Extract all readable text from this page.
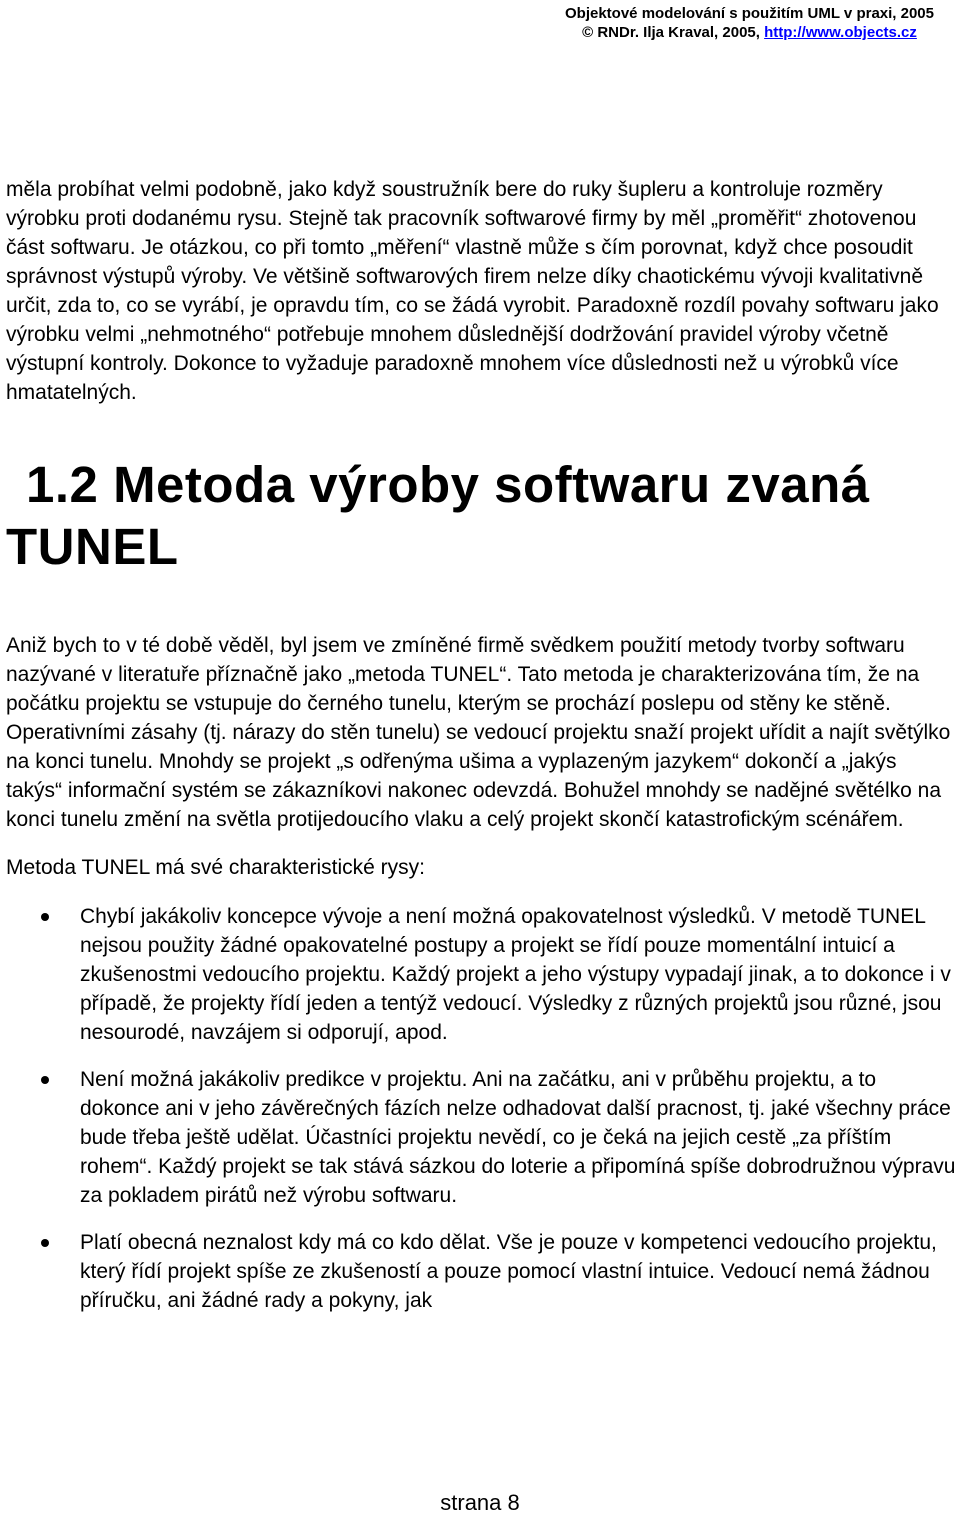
Objektové modelování s použitím UML v praxi, 2005
© RNDr. Ilja Kraval, 2005, http://www.objects.cz

měla probíhat velmi podobně, jako když soustružník bere do ruky šupleru a kontroluje rozměry výrobku proti dodanému rysu. Stejně tak pracovník softwarové firmy by měl „proměřit“ zhotovenou část softwaru. Je otázkou, co při tomto „měření“ vlastně může s čím porovnat, když chce posoudit správnost výstupů výroby. Ve většině softwarových firem nelze díky chaotickému vývoji kvalitativně určit, zda to, co se vyrábí, je opravdu tím, co se žádá vyrobit. Paradoxně rozdíl povahy softwaru jako výrobku velmi „nehmotného“ potřebuje mnohem důslednější dodržování pravidel výroby včetně výstupní kontroly. Dokonce to vyžaduje paradoxně mnohem více důslednosti než u výrobků více hmatatelných.

1.2 Metoda výroby softwaru zvaná TUNEL

Aniž bych to v té době věděl, byl jsem ve zmíněné firmě svědkem použití metody tvorby softwaru nazývané v literatuře příznačně jako „metoda TUNEL“. Tato metoda je charakterizována tím, že na počátku projektu se vstupuje do černého tunelu, kterým se prochází poslepu od stěny ke stěně. Operativními zásahy (tj. nárazy do stěn tunelu) se vedoucí projektu snaží projekt uřídit a najít světýlko na konci tunelu. Mnohdy se projekt „s odřenýma ušima a vyplazeným jazykem“ dokončí a „jakýs takýs“ informační systém se zákazníkovi nakonec odevzdá. Bohužel mnohdy se nadějné světélko na konci tunelu změní na světla protijedoucího vlaku a celý projekt skončí katastrofickým scénářem.

Metoda TUNEL má své charakteristické rysy:

Chybí jakákoliv koncepce vývoje a není možná opakovatelnost výsledků. V metodě TUNEL nejsou použity žádné opakovatelné postupy a projekt se řídí pouze momentální intuicí a zkušenostmi vedoucího projektu. Každý projekt a jeho výstupy vypadají jinak, a to dokonce i v případě, že projekty řídí jeden a tentýž vedoucí. Výsledky z různých projektů jsou různé, jsou nesourodé, navzájem si odporují, apod.
Není možná jakákoliv predikce v projektu. Ani na začátku, ani v průběhu projektu, a to dokonce ani v jeho závěrečných fázích nelze odhadovat další pracnost, tj. jaké všechny práce bude třeba ještě udělat. Účastníci projektu nevědí, co je čeká na jejich cestě „za příštím rohem“. Každý projekt se tak stává sázkou do loterie a připomíná spíše dobrodružnou výpravu za pokladem pirátů než výrobu softwaru.
Platí obecná neznalost kdy má co kdo dělat. Vše je pouze v kompetenci vedoucího projektu, který řídí projekt spíše ze zkušeností a pouze pomocí vlastní intuice. Vedoucí nemá žádnou příručku, ani žádné rady a pokyny, jak
strana 8
